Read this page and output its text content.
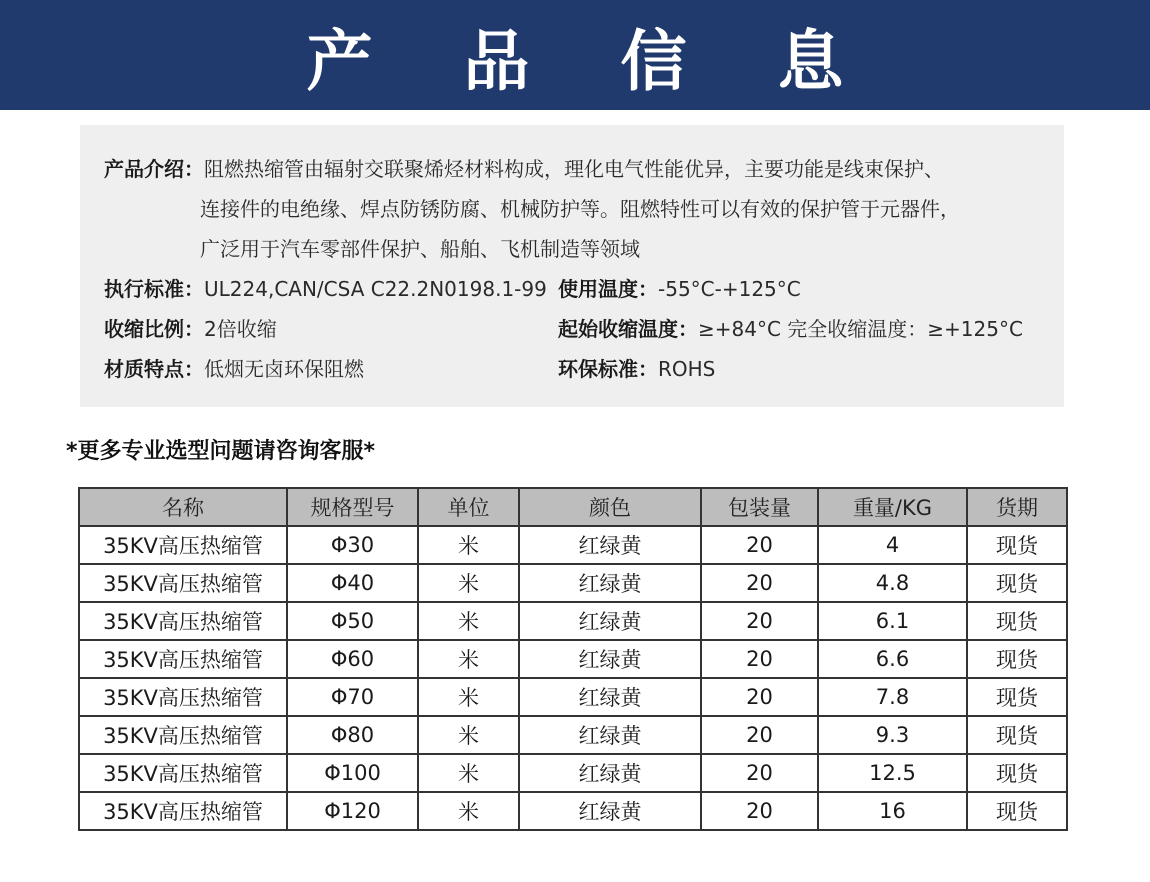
产 品 信 息
产品介绍：阻燃热缩管由辐射交联聚烯烃材料构成，理化电气性能优异，主要功能是线束保护、
连接件的电绝缘、焊点防锈防腐、机械防护等。阻燃特性可以有效的保护管于元器件，
广泛用于汽车零部件保护、船舶、飞机制造等领域
执行标准：UL224,CAN/CSA C22.2N0198.1-99 使用温度：-55°C-+125°C
收缩比例：2倍收缩	起始收缩温度：≥+84°C 完全收缩温度：≥+125°C
材质特点：低烟无卤环保阻燃	环保标准：ROHS
*更多专业选型问题请咨询客服*
名称	规格型号	单位	颜色	包装量	重量/KG	货期
35KV高压热缩管	Φ30	米	红绿黄	20	4	现货
35KV高压热缩管	Φ40	米	红绿黄	20	4.8	现货
35KV高压热缩管	Φ50	米	红绿黄	20	6.1	现货
35KV高压热缩管	Φ60	米	红绿黄	20	6.6	现货
35KV高压热缩管	Φ70	米	红绿黄	20	7.8	现货
35KV高压热缩管	Φ80	米	红绿黄	20	9.3	现货
35KV高压热缩管	Φ100	米	红绿黄	20	12.5	现货
35KV高压热缩管	Φ120	米	红绿黄	20	16	现货
